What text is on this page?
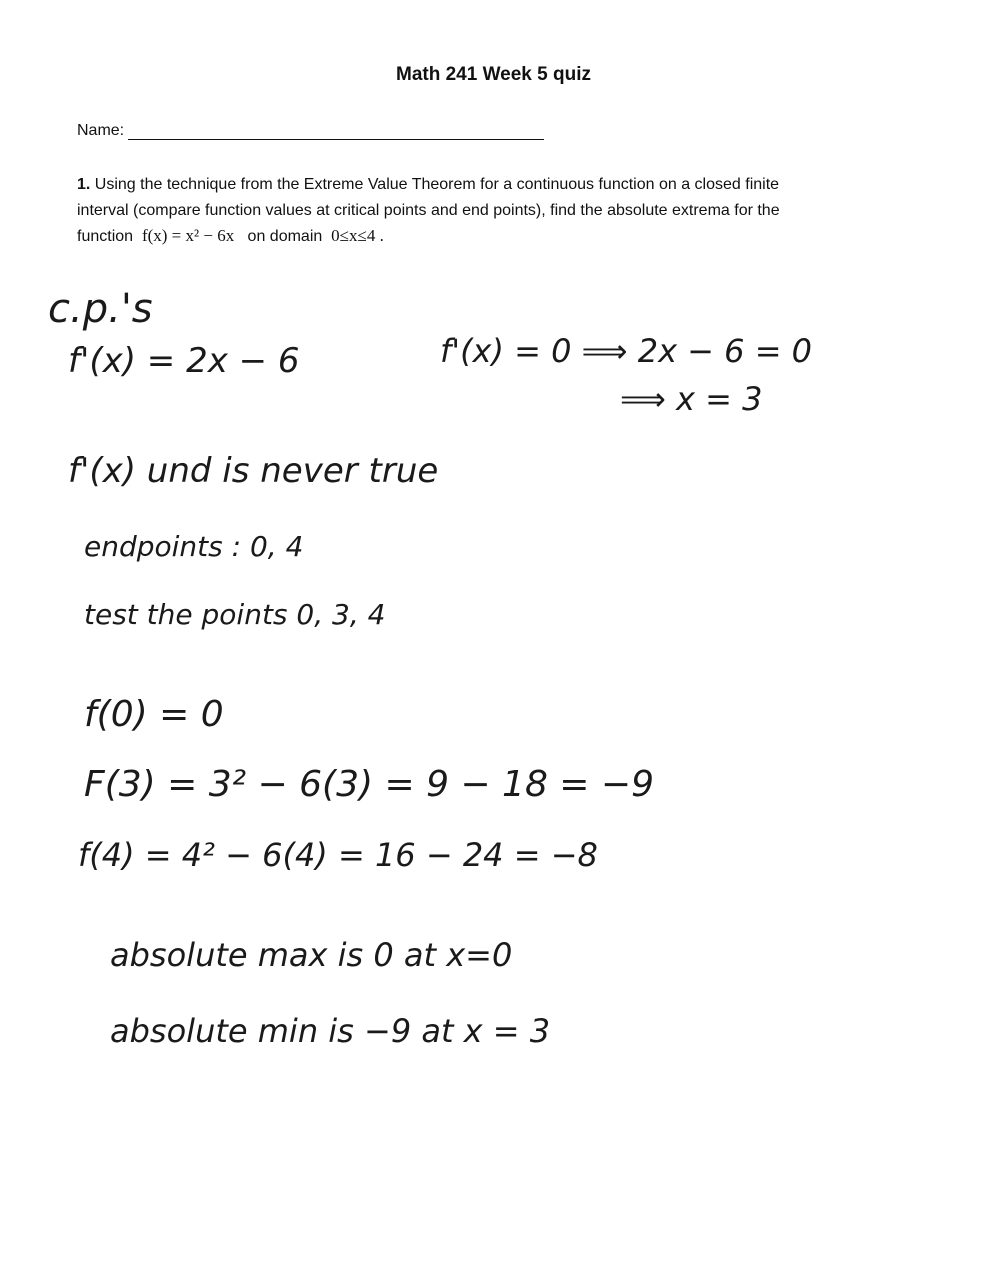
Math 241 Week 5 quiz
Name:
1. Using the technique from the Extreme Value Theorem for a continuous function on a closed finite
interval (compare function values at critical points and end points), find the absolute extrema for the
function f(x) = x² − 6x on domain 0≤x≤4 .
c.p.'s
f'(x) = 2x − 6	f'(x) = 0 ⟹ 2x − 6 = 0
⟹ x = 3
f'(x) und is never true
endpoints : 0, 4
test the points 0, 3, 4
f(0) = 0
F(3) = 3² − 6(3) = 9 − 18 = −9
f(4) = 4² − 6(4) = 16 − 24 = −8
absolute max is 0 at x=0
absolute min is −9 at x = 3
